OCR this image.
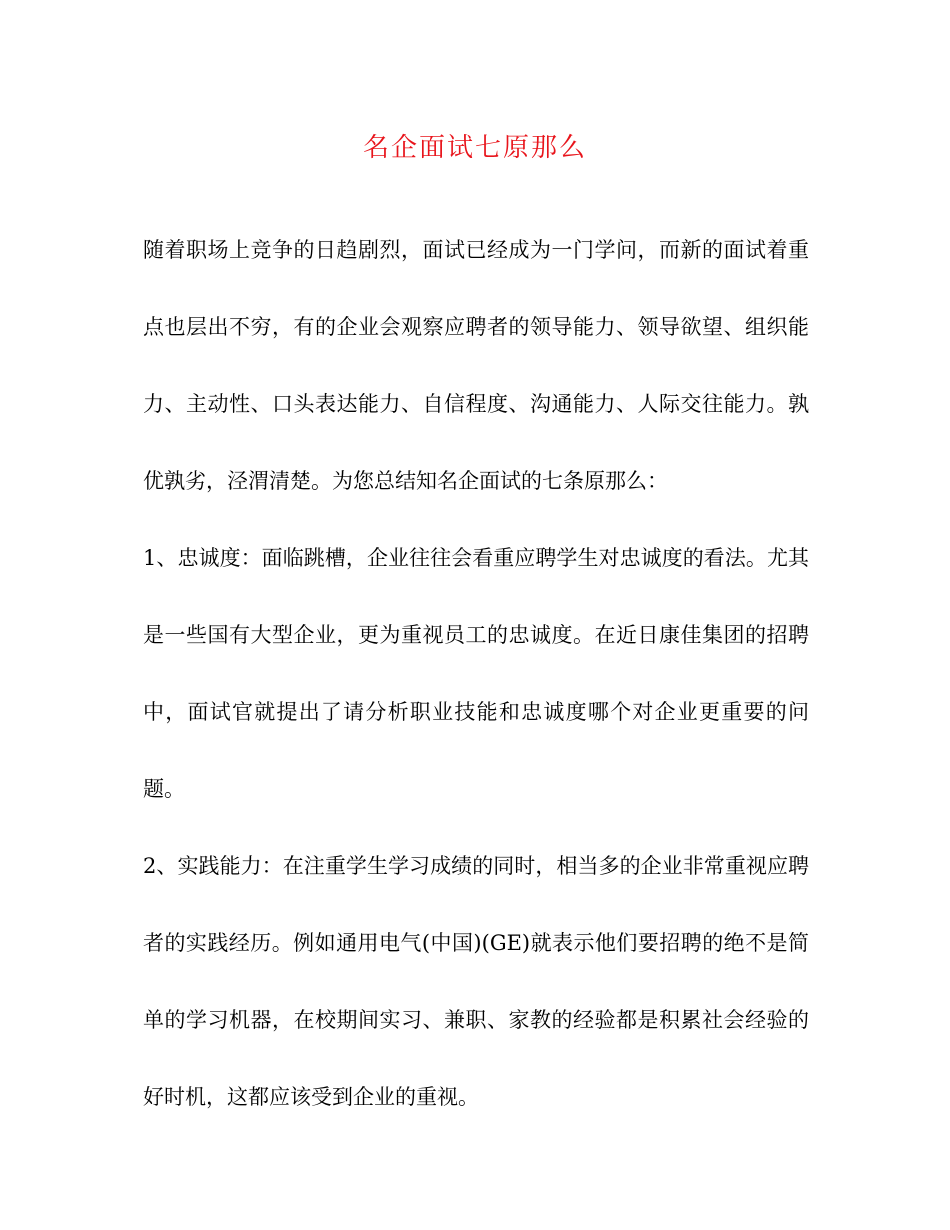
名企面试七原那么

随着职场上竞争的日趋剧烈，面试已经成为一门学问，而新的面试着重点也层出不穷，有的企业会观察应聘者的领导能力、领导欲望、组织能力、主动性、口头表达能力、自信程度、沟通能力、人际交往能力。孰优孰劣，泾渭清楚。为您总结知名企面试的七条原那么：

1、忠诚度：面临跳槽，企业往往会看重应聘学生对忠诚度的看法。尤其是一些国有大型企业，更为重视员工的忠诚度。在近日康佳集团的招聘中，面试官就提出了请分析职业技能和忠诚度哪个对企业更重要的问题。

2、实践能力：在注重学生学习成绩的同时，相当多的企业非常重视应聘者的实践经历。例如通用电气(中国)(GE)就表示他们要招聘的绝不是简单的学习机器，在校期间实习、兼职、家教的经验都是积累社会经验的好时机，这都应该受到企业的重视。
